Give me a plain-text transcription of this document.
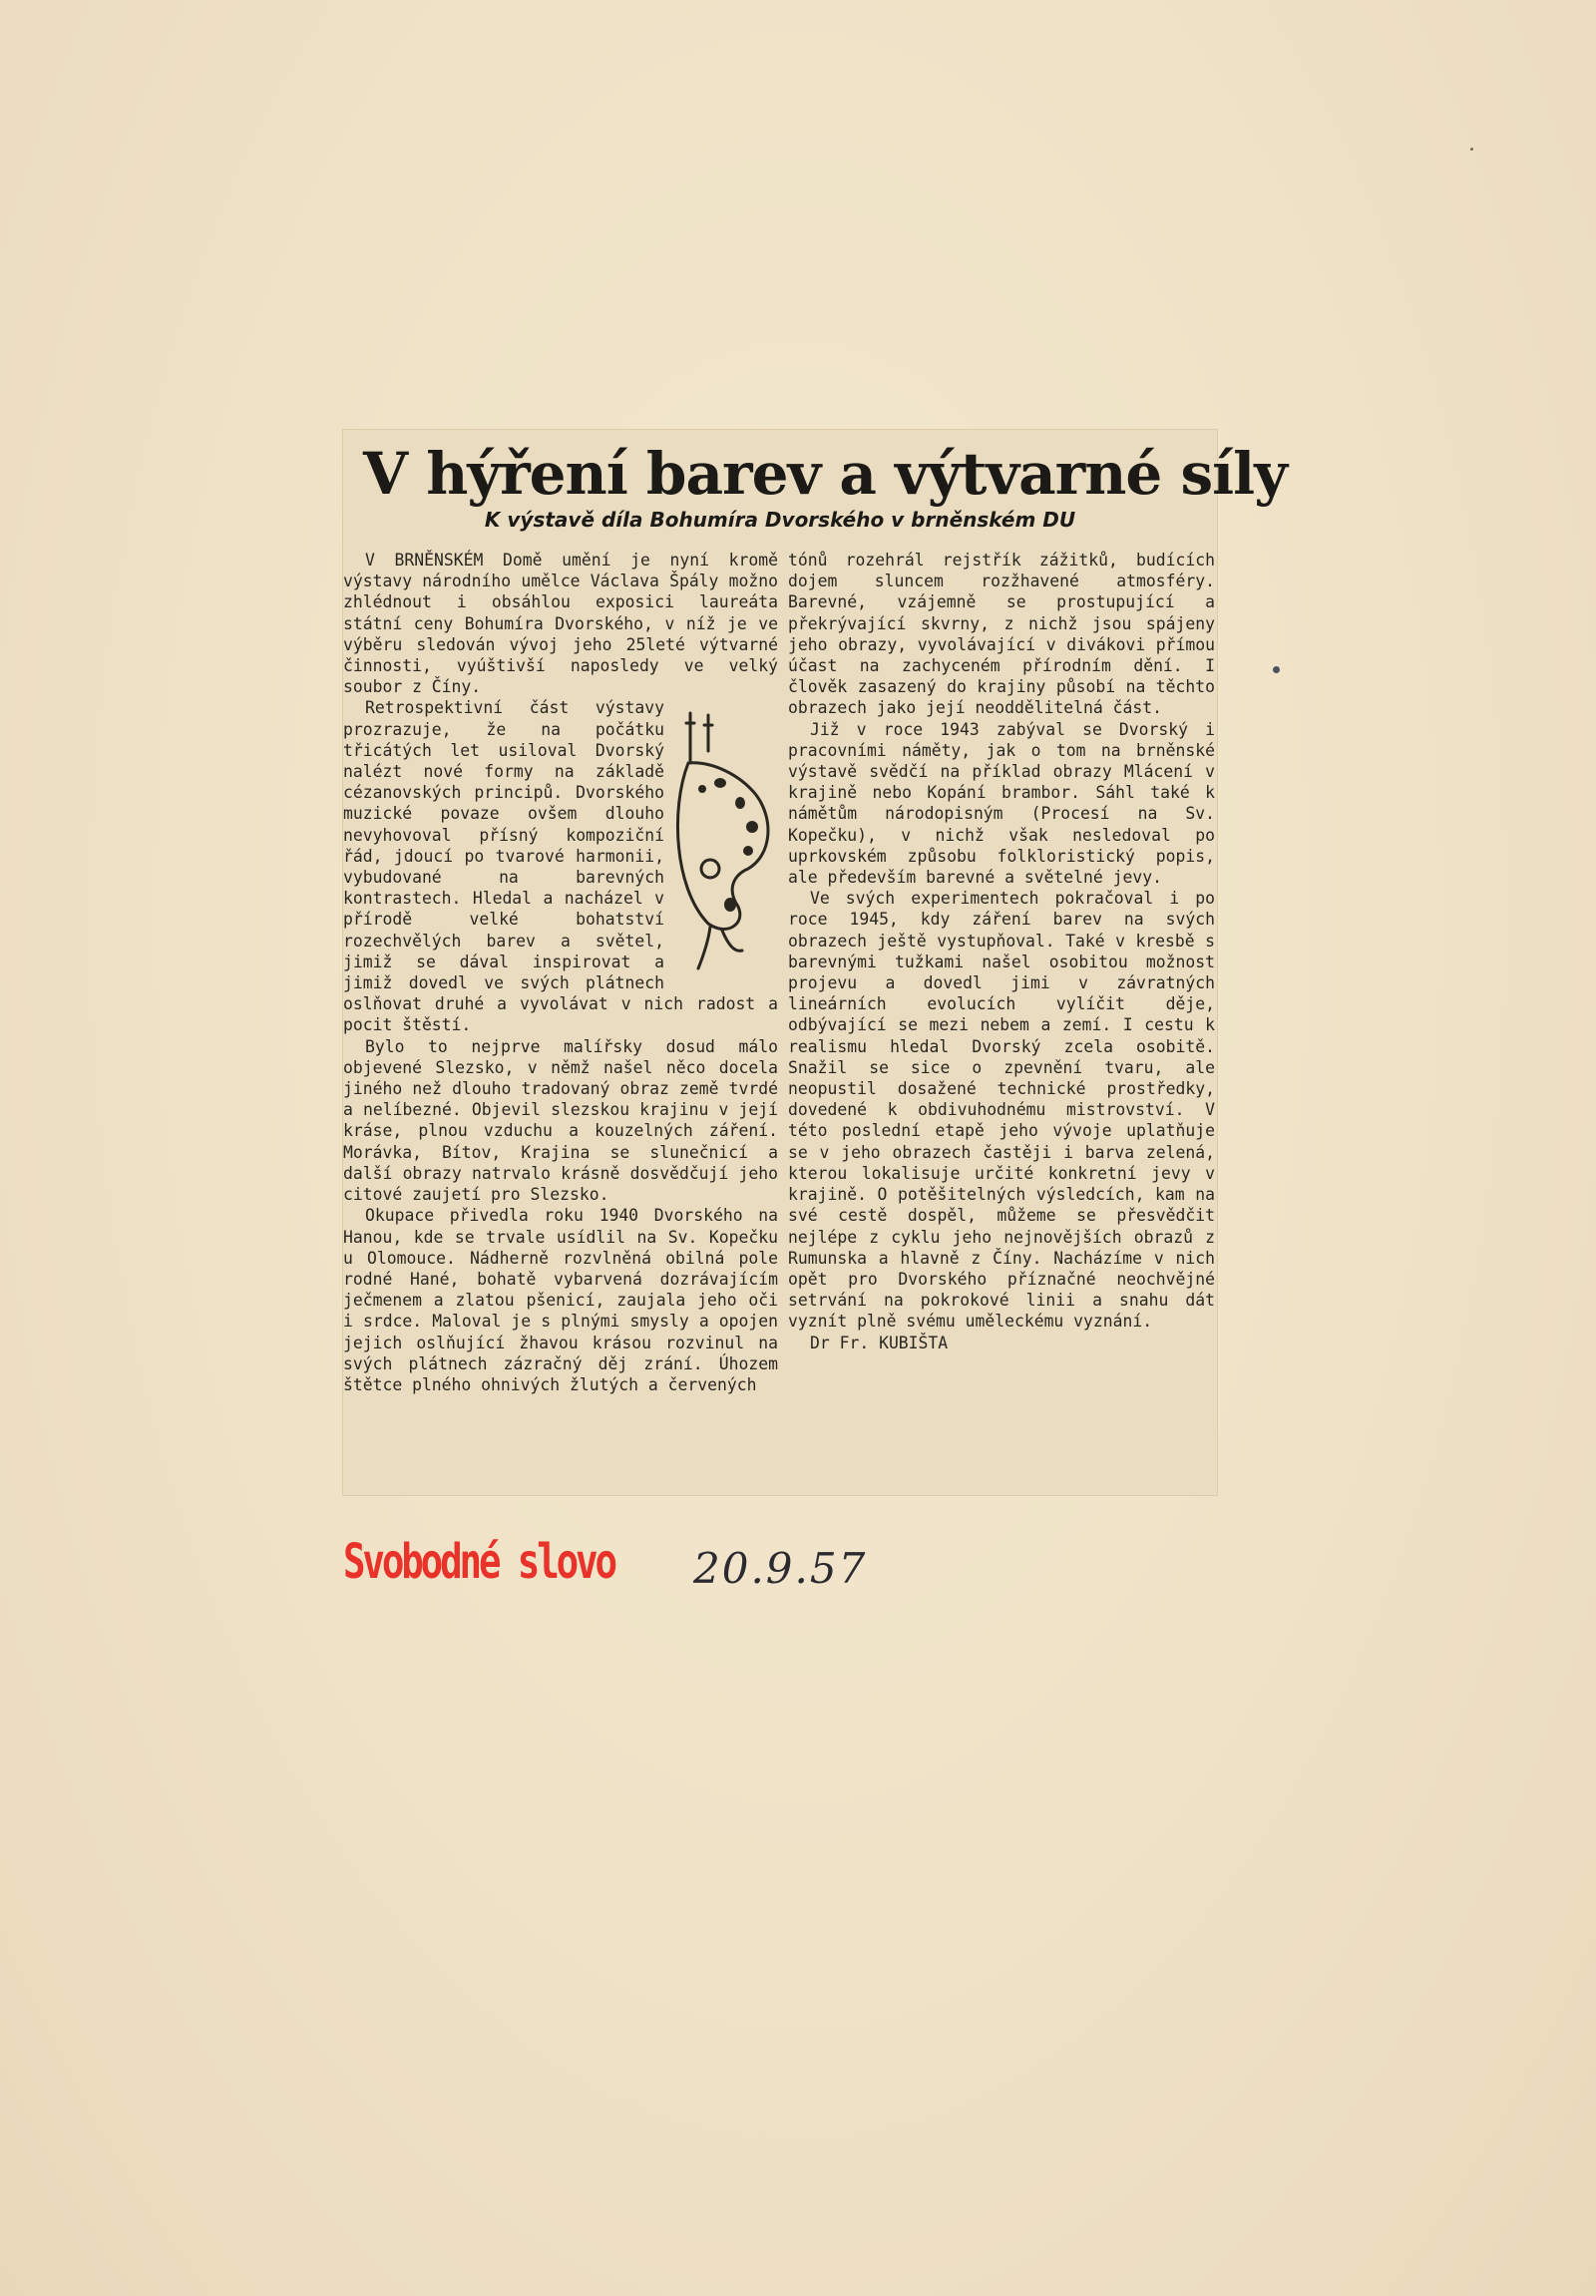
V hýření barev a výtvarné síly
K výstavě díla Bohumíra Dvorského v brněnském DU

V BRNĚNSKÉM Domě umění je nyní kromě výstavy národního umělce Václava Špály možno zhlédnout i obsáhlou exposici laureáta státní ceny Bohumíra Dvorského, v níž je ve výběru sledován vývoj jeho 25leté výtvarné činnosti, vyúštivší naposledy ve velký soubor z Číny.

Retrospektivní část výstavy prozrazuje, že na počátku třicátých let usiloval Dvorský nalézt nové formy na základě cézanovských principů. Dvorského muzické povaze ovšem dlouho nevyhovoval přísný kompoziční řád, jdoucí po tvarové harmonii, vybudované na barevných kontrastech. Hledal a nacházel v přírodě velké bohatství rozechvělých barev a světel, jimiž se dával inspirovat a jimiž dovedl ve svých plátnech oslňovat druhé a vyvolávat v nich radost a pocit štěstí.

Bylo to nejprve malířsky dosud málo objevené Slezsko, v němž našel něco docela jiného než dlouho tradovaný obraz země tvrdé a nelíbezné. Objevil slezskou krajinu v její kráse, plnou vzduchu a kouzelných záření. Morávka, Bítov, Krajina se slunečnicí a další obrazy natrvalo krásně dosvědčují jeho citové zaujetí pro Slezsko.

Okupace přivedla roku 1940 Dvorského na Hanou, kde se trvale usídlil na Sv. Kopečku u Olomouce. Nádherně rozvlněná obilná pole rodné Hané, bohatě vybarvená dozrávajícím ječmenem a zlatou pšenicí, zaujala jeho oči i srdce. Maloval je s plnými smysly a opojen jejich oslňující žhavou krásou rozvinul na svých plátnech zázračný děj zrání. Úhozem štětce plného ohnivých žlutých a červených

tónů rozehrál rejstřík zážitků, budících dojem sluncem rozžhavené atmosféry. Barevné, vzájemně se prostupující a překrývající skvrny, z nichž jsou spájeny jeho obrazy, vyvolávající v divákovi přímou účast na zachyceném přírodním dění. I člověk zasazený do krajiny působí na těchto obrazech jako její neoddělitelná část.

Již v roce 1943 zabýval se Dvorský i pracovními náměty, jak o tom na brněnské výstavě svědčí na příklad obrazy Mlácení v krajině nebo Kopání brambor. Sáhl také k námětům národopisným (Procesí na Sv. Kopečku), v nichž však nesledoval po uprkovském způsobu folkloristický popis, ale především barevné a světelné jevy.

Ve svých experimentech pokračoval i po roce 1945, kdy záření barev na svých obrazech ještě vystupňoval. Také v kresbě s barevnými tužkami našel osobitou možnost projevu a dovedl jimi v závratných lineárních evolucích vylíčit děje, odbývající se mezi nebem a zemí. I cestu k realismu hledal Dvorský zcela osobitě. Snažil se sice o zpevnění tvaru, ale neopustil dosažené technické prostředky, dovedené k obdivuhodnému mistrovství. V této poslední etapě jeho vývoje uplatňuje se v jeho obrazech častěji i barva zelená, kterou lokalisuje určité konkretní jevy v krajině. O potěšitelných výsledcích, kam na své cestě dospěl, můžeme se přesvědčit nejlépe z cyklu jeho nejnovějších obrazů z Rumunska a hlavně z Číny. Nacházíme v nich opět pro Dvorského příznačné neochvějné setrvání na pokrokové linii a snahu dát vyznít plně svému uměleckému vyznání.

Dr Fr. KUBIŠTA

Svobodné slovo 20.9.57
